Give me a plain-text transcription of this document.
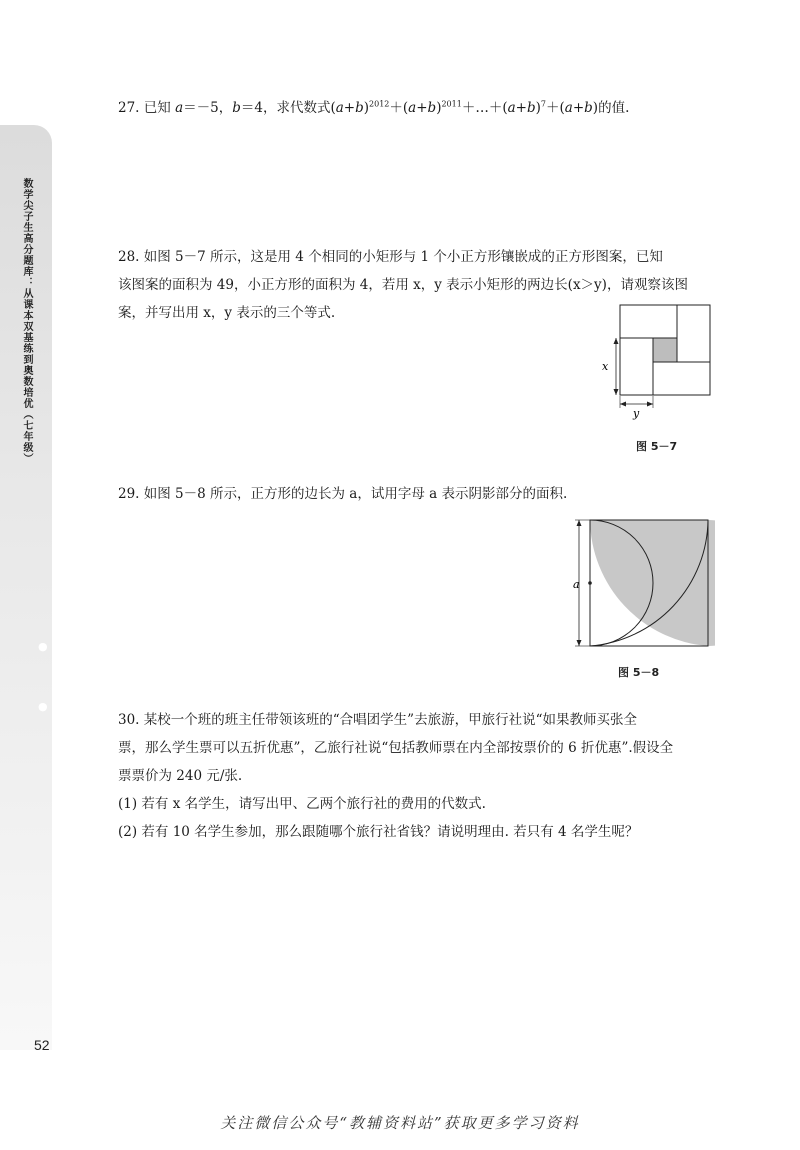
数学尖子生高分题库：从课本双基练到奥数培优（七年级）
●
●
52

27. 已知 a＝－5，b＝4，求代数式$(a+b)^{2012}+(a+b)^{2011}+\dots+(a+b)^7+(a+b)$的值.

28. 如图 5－7 所示，这是用 4 个相同的小矩形与 1 个小正方形镶嵌成的正方形图案，已知

该图案的面积为 49，小正方形的面积为 4，若用 x，y 表示小矩形的两边长(x＞y)，请观察该图

案，并写出用 x，y 表示的三个等式.

x
y
图 5－7

29. 如图 5－8 所示，正方形的边长为 a，试用字母 a 表示阴影部分的面积.

a
图 5－8

30. 某校一个班的班主任带领该班的“合唱团学生”去旅游，甲旅行社说“如果教师买张全

票，那么学生票可以五折优惠”，乙旅行社说“包括教师票在内全部按票价的 6 折优惠”.假设全

票票价为 240 元/张.

(1) 若有 x 名学生，请写出甲、乙两个旅行社的费用的代数式.

(2) 若有 10 名学生参加，那么跟随哪个旅行社省钱？请说明理由. 若只有 4 名学生呢？

关注微信公众号“教辅资料站”获取更多学习资料
